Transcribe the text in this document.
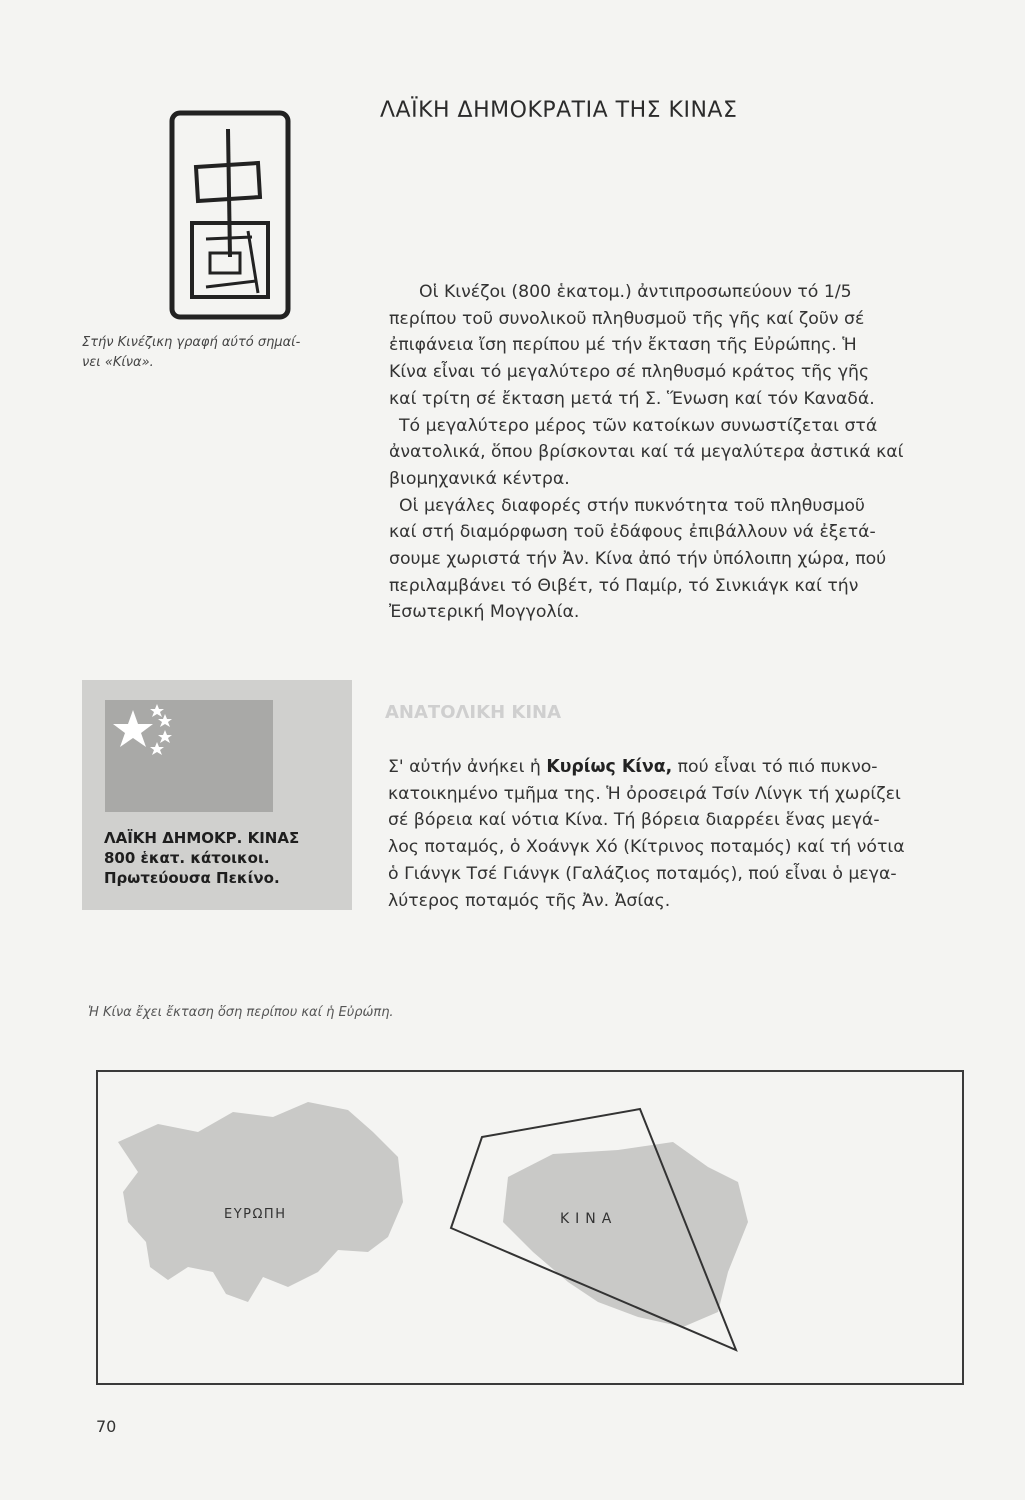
ΛΑΪΚΗ ΔΗΜΟΚΡΑΤΙΑ ΤΗΣ ΚΙΝΑΣ
Στήν Κινέζικη γραφή αύτό σημαί-
νει «Κίνα».
Οἱ Κινέζοι (800 ἑκατομ.) ἀντιπροσωπεύουν τό 1/5
περίπου τοῦ συνολικοῦ πληθυσμοῦ τῆς γῆς καί ζοῦν σέ
ἐπιφάνεια ἴση περίπου μέ τήν ἔκταση τῆς Εὐρώπης. Ἡ
Κίνα εἶναι τό μεγαλύτερο σέ πληθυσμό κράτος τῆς γῆς
καί τρίτη σέ ἔκταση μετά τή Σ. Ἕνωση καί τόν Καναδά.
Τό μεγαλύτερο μέρος τῶν κατοίκων συνωστίζεται στά
ἀνατολικά, ὅπου βρίσκονται καί τά μεγαλύτερα ἀστικά καί
βιομηχανικά κέντρα.
Οἱ μεγάλες διαφορές στήν πυκνότητα τοῦ πληθυσμοῦ
καί στή διαμόρφωση τοῦ ἐδάφους ἐπιβάλλουν νά ἐξετά-
σουμε χωριστά τήν Ἀν. Κίνα ἀπό τήν ὑπόλοιπη χώρα, πού
περιλαμβάνει τό Θιβέτ, τό Παμίρ, τό Σινκιάγκ καί τήν
Ἐσωτερική Μογγολία.
ΛΑΪΚΗ ΔΗΜΟΚΡ. ΚΙΝΑΣ
800 ἑκατ. κάτοικοι.
Πρωτεύουσα Πεκίνο.
ΑΝΑΤΟΛΙΚΗ ΚΙΝΑ
Σ' αὐτήν ἀνήκει ἡ Κυρίως Κίνα, πού εἶναι τό πιό πυκνο-
κατοικημένο τμῆμα της. Ἡ ὀροσειρά Τσίν Λίνγκ τή χωρίζει
σέ βόρεια καί νότια Κίνα. Τή βόρεια διαρρέει ἕνας μεγά-
λος ποταμός, ὁ Χοάνγκ Χό (Κίτρινος ποταμός) καί τή νότια
ὁ Γιάνγκ Τσέ Γιάνγκ (Γαλάζιος ποταμός), πού εἶναι ὁ μεγα-
λύτερος ποταμός τῆς Ἀν. Ἀσίας.
Ἡ Κίνα ἔχει ἔκταση ὅση περίπου καί ἡ Εὐρώπη.
ΕΥΡΩΠΗ	ΚΙΝΑ
70
